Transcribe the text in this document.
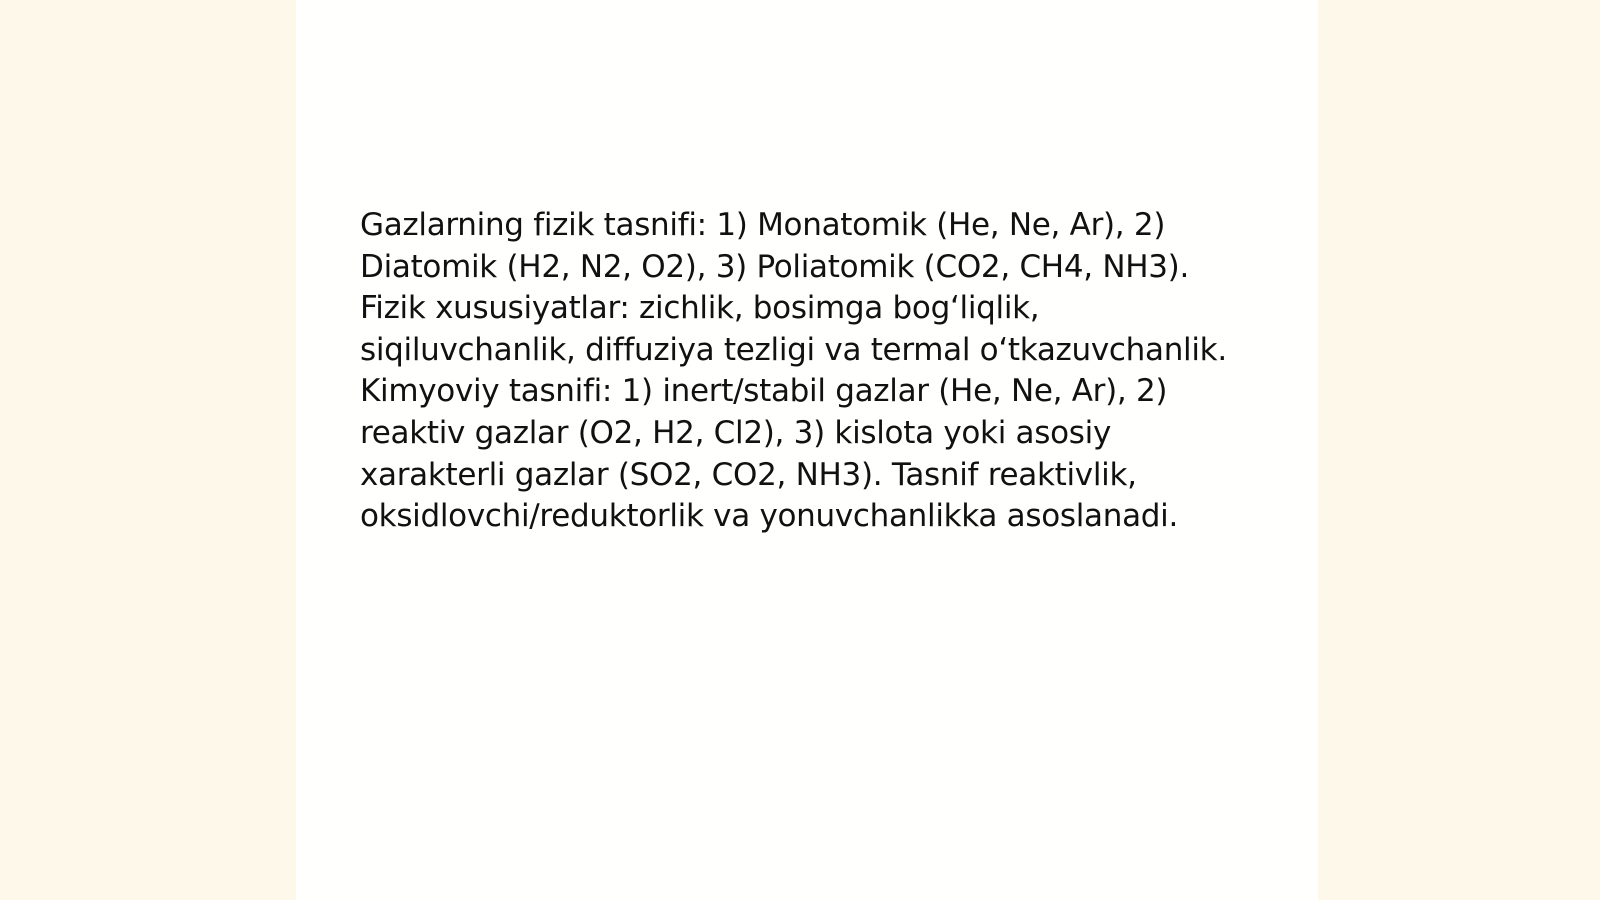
Gazlarning fizik tasnifi: 1) Monatomik (He, Ne, Ar), 2) Diatomik (H2, N2, O2), 3) Poliatomik (CO2, CH4, NH3). Fizik xususiyatlar: zichlik, bosimga bog‘liqlik, siqiluvchanlik, diffuziya tezligi va termal o‘tkazuvchanlik. Kimyoviy tasnifi: 1) inert/stabil gazlar (He, Ne, Ar), 2) reaktiv gazlar (O2, H2, Cl2), 3) kislota yoki asosiy xarakterli gazlar (SO2, CO2, NH3). Tasnif reaktivlik, oksidlovchi/reduktorlik va yonuvchanlikka asoslanadi.
